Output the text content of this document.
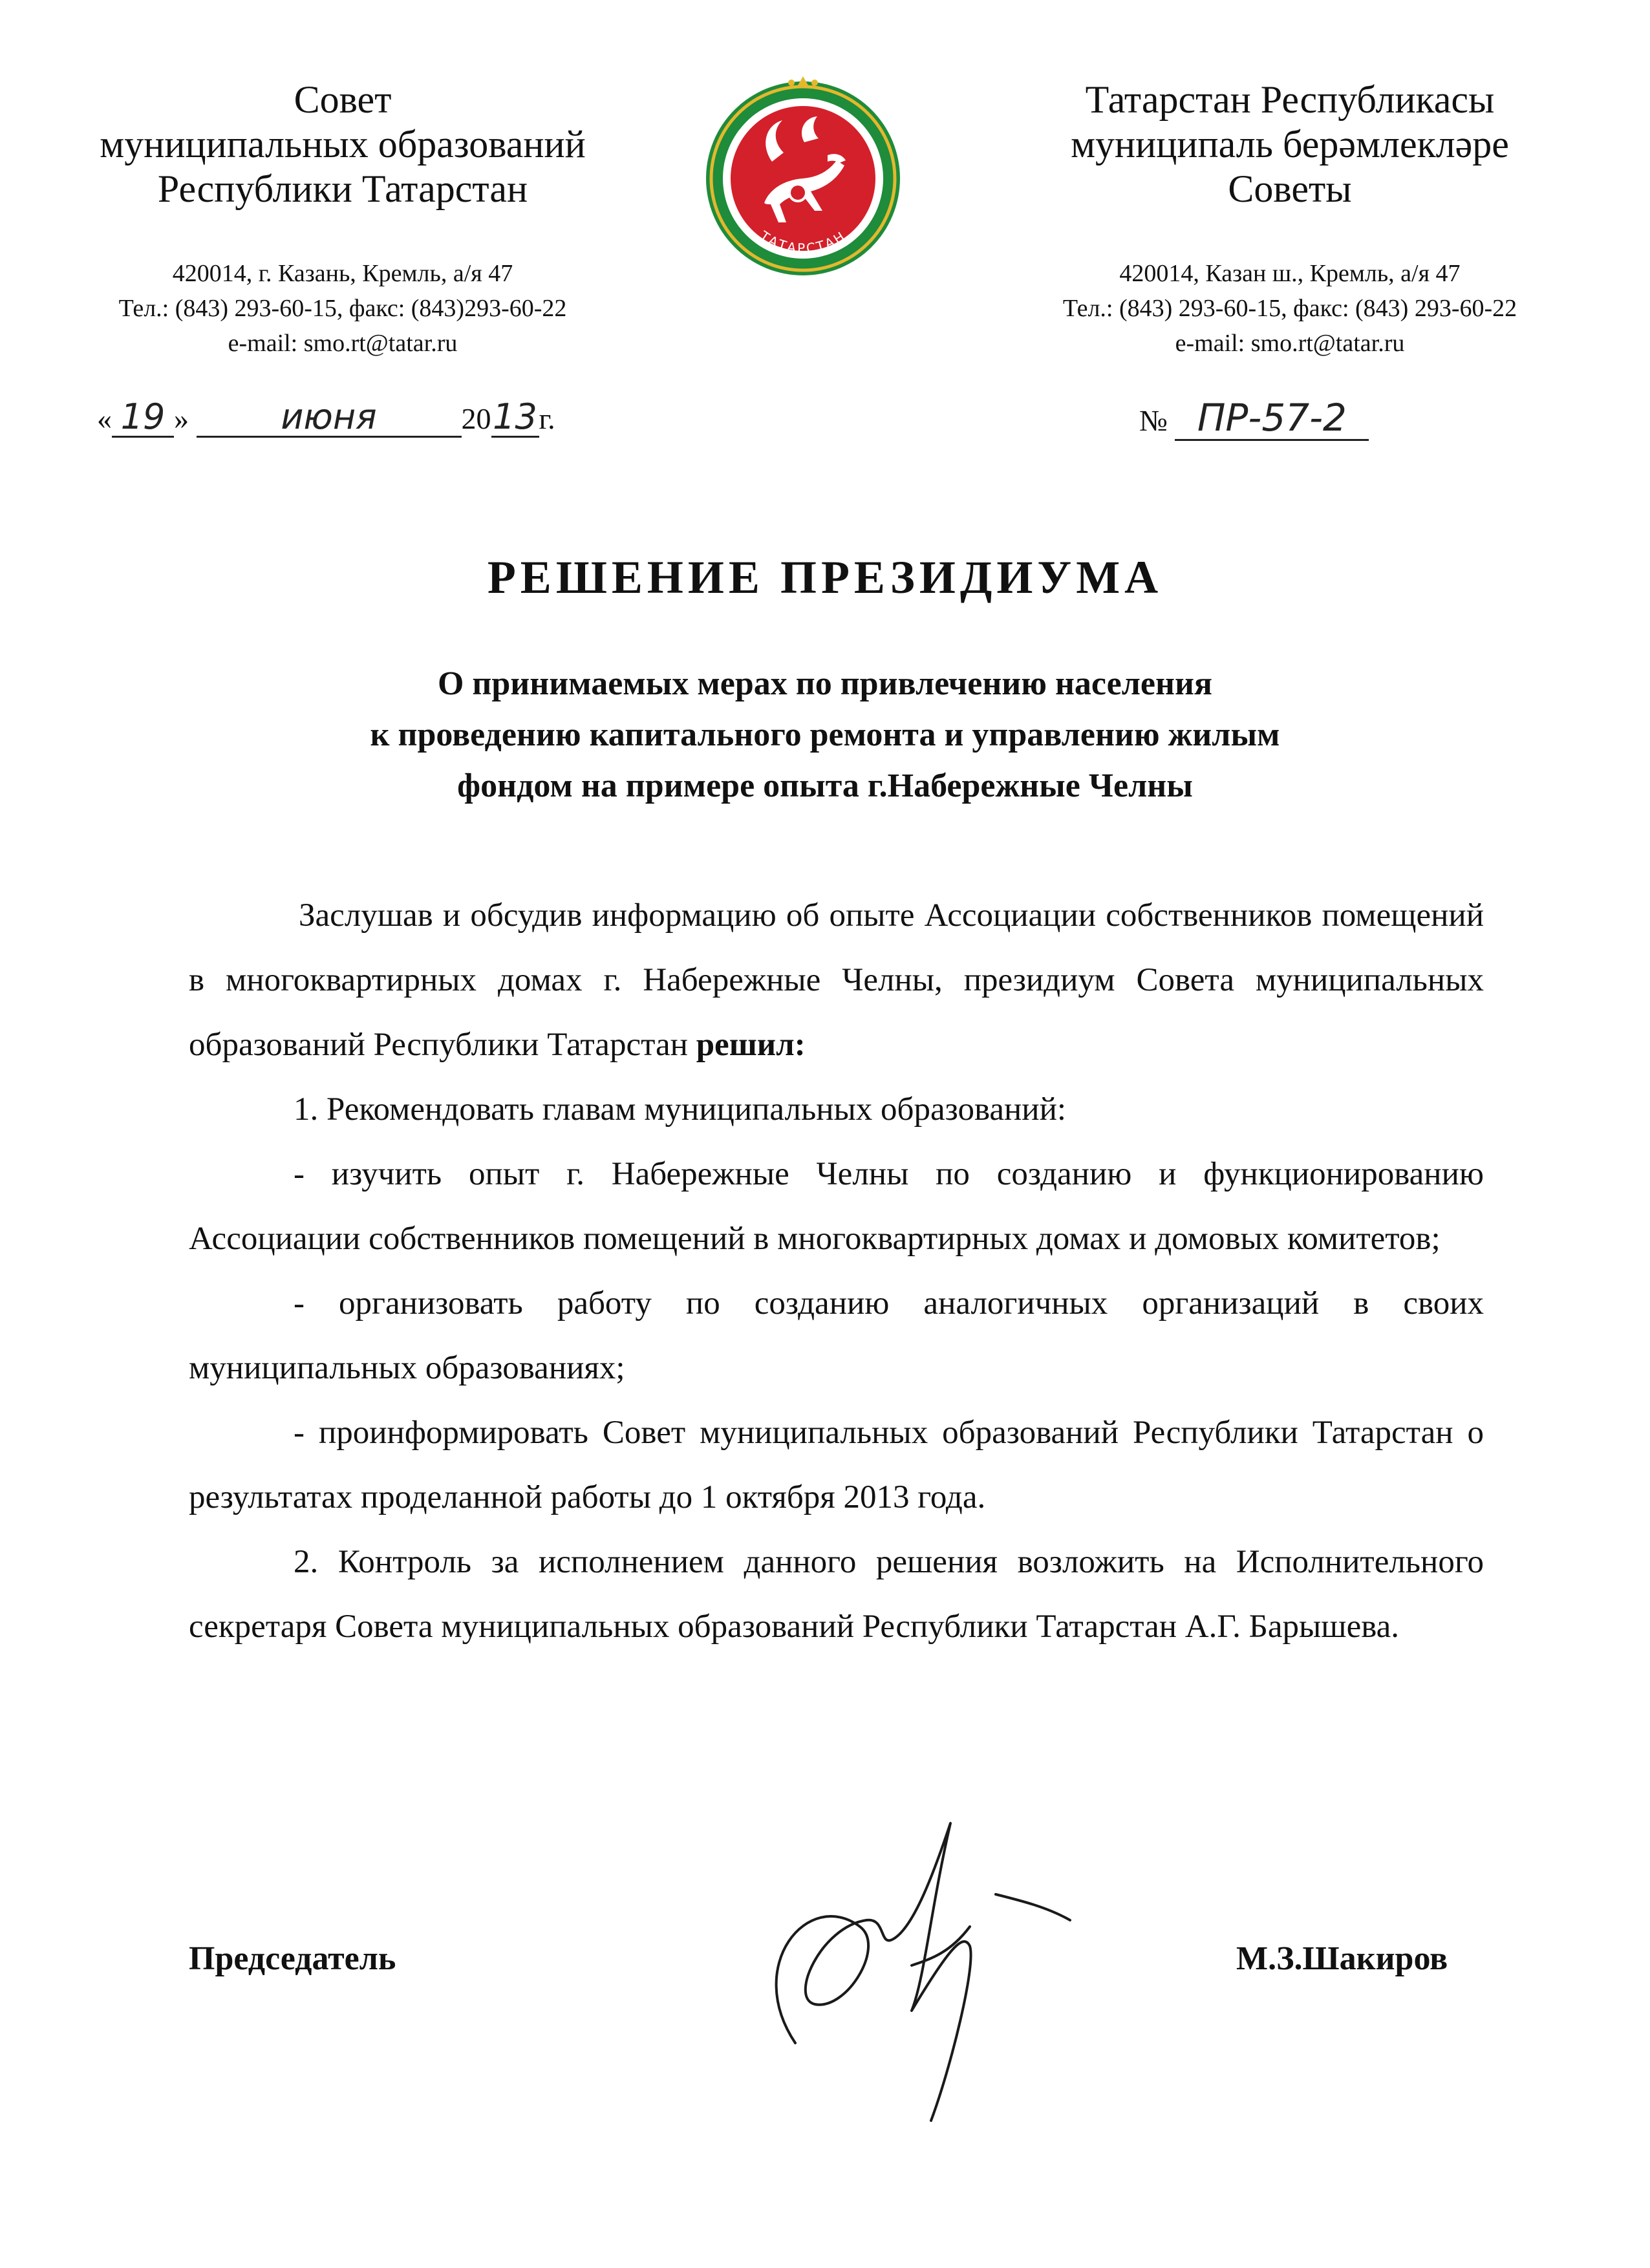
Совет
муниципальных образований
Республики Татарстан
420014, г. Казань, Кремль, а/я 47
Тел.: (843) 293-60-15, факс: (843)293-60-22
e-mail: smo.rt@tatar.ru
ТАТАРСТАН
Татарстан Республикасы
муниципаль берәмлекләре
Советы
420014, Казан ш., Кремль, а/я 47
Тел.: (843) 293-60-15, факс: (843) 293-60-22
e-mail: smo.rt@tatar.ru
« 19 »	июня	2013г.	№ ПР-57-2
РЕШЕНИЕ ПРЕЗИДИУМА
О принимаемых мерах по привлечению населения
к проведению капитального ремонта и управлению жилым
фондом на примере опыта г.Набережные Челны

Заслушав и обсудив информацию об опыте Ассоциации собственников помещений в многоквартирных домах г. Набережные Челны, президиум Совета муниципальных образований Республики Татарстан решил:

1. Рекомендовать главам муниципальных образований:

- изучить опыт г. Набережные Челны по созданию и функционированию Ассоциации собственников помещений в многоквартирных домах и домовых комитетов;

- организовать работу по созданию аналогичных организаций в своих муниципальных образованиях;

- проинформировать Совет муниципальных образований Республики Татарстан о результатах проделанной работы до 1 октября 2013 года.

2. Контроль за исполнением данного решения возложить на Исполнительного секретаря Совета муниципальных образований Республики Татарстан А.Г. Барышева.

Председатель	М.З.Шакиров
